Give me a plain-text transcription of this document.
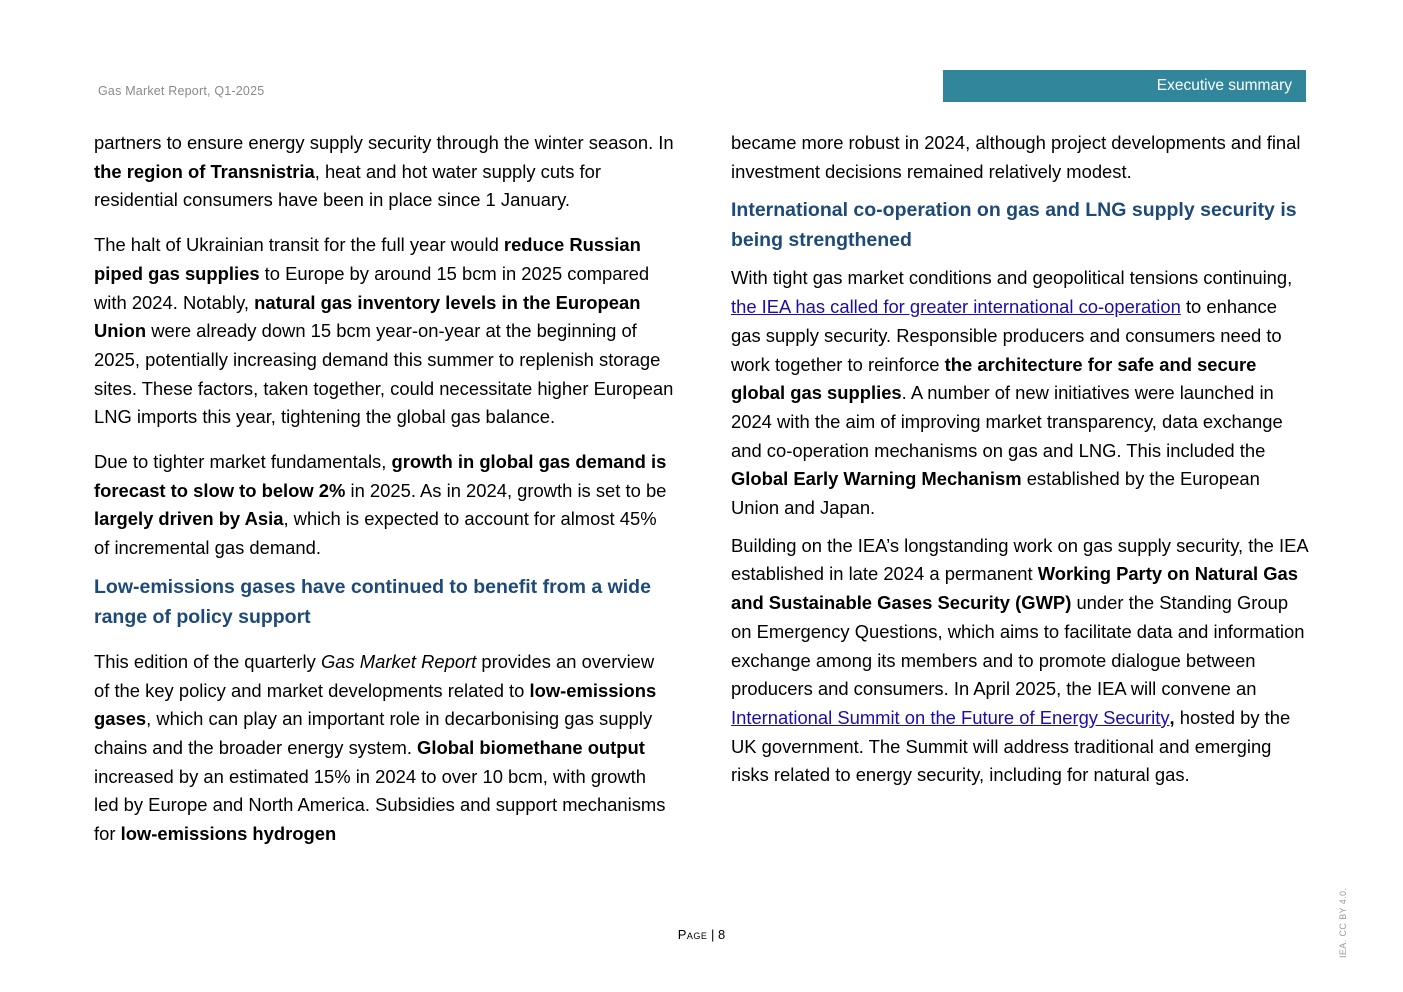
Gas Market Report, Q1-2025	Executive summary

partners to ensure energy supply security through the winter season. In the region of Transnistria, heat and hot water supply cuts for residential consumers have been in place since 1 January.

The halt of Ukrainian transit for the full year would reduce Russian piped gas supplies to Europe by around 15 bcm in 2025 compared with 2024. Notably, natural gas inventory levels in the European Union were already down 15 bcm year-on-year at the beginning of 2025, potentially increasing demand this summer to replenish storage sites. These factors, taken together, could necessitate higher European LNG imports this year, tightening the global gas balance.

Due to tighter market fundamentals, growth in global gas demand is forecast to slow to below 2% in 2025. As in 2024, growth is set to be largely driven by Asia, which is expected to account for almost 45% of incremental gas demand.

Low-emissions gases have continued to benefit from a wide range of policy support

This edition of the quarterly Gas Market Report provides an overview of the key policy and market developments related to low-emissions gases, which can play an important role in decarbonising gas supply chains and the broader energy system. Global biomethane output increased by an estimated 15% in 2024 to over 10 bcm, with growth led by Europe and North America. Subsidies and support mechanisms for low-emissions hydrogen

became more robust in 2024, although project developments and final investment decisions remained relatively modest.

International co-operation on gas and LNG supply security is being strengthened

With tight gas market conditions and geopolitical tensions continuing, the IEA has called for greater international co-operation to enhance gas supply security. Responsible producers and consumers need to work together to reinforce the architecture for safe and secure global gas supplies. A number of new initiatives were launched in 2024 with the aim of improving market transparency, data exchange and co-operation mechanisms on gas and LNG. This included the Global Early Warning Mechanism established by the European Union and Japan.

Building on the IEA’s longstanding work on gas supply security, the IEA established in late 2024 a permanent Working Party on Natural Gas and Sustainable Gases Security (GWP) under the Standing Group on Emergency Questions, which aims to facilitate data and information exchange among its members and to promote dialogue between producers and consumers. In April 2025, the IEA will convene an International Summit on the Future of Energy Security, hosted by the UK government. The Summit will address traditional and emerging risks related to energy security, including for natural gas.

Page | 8	IEA. CC BY 4.0.
